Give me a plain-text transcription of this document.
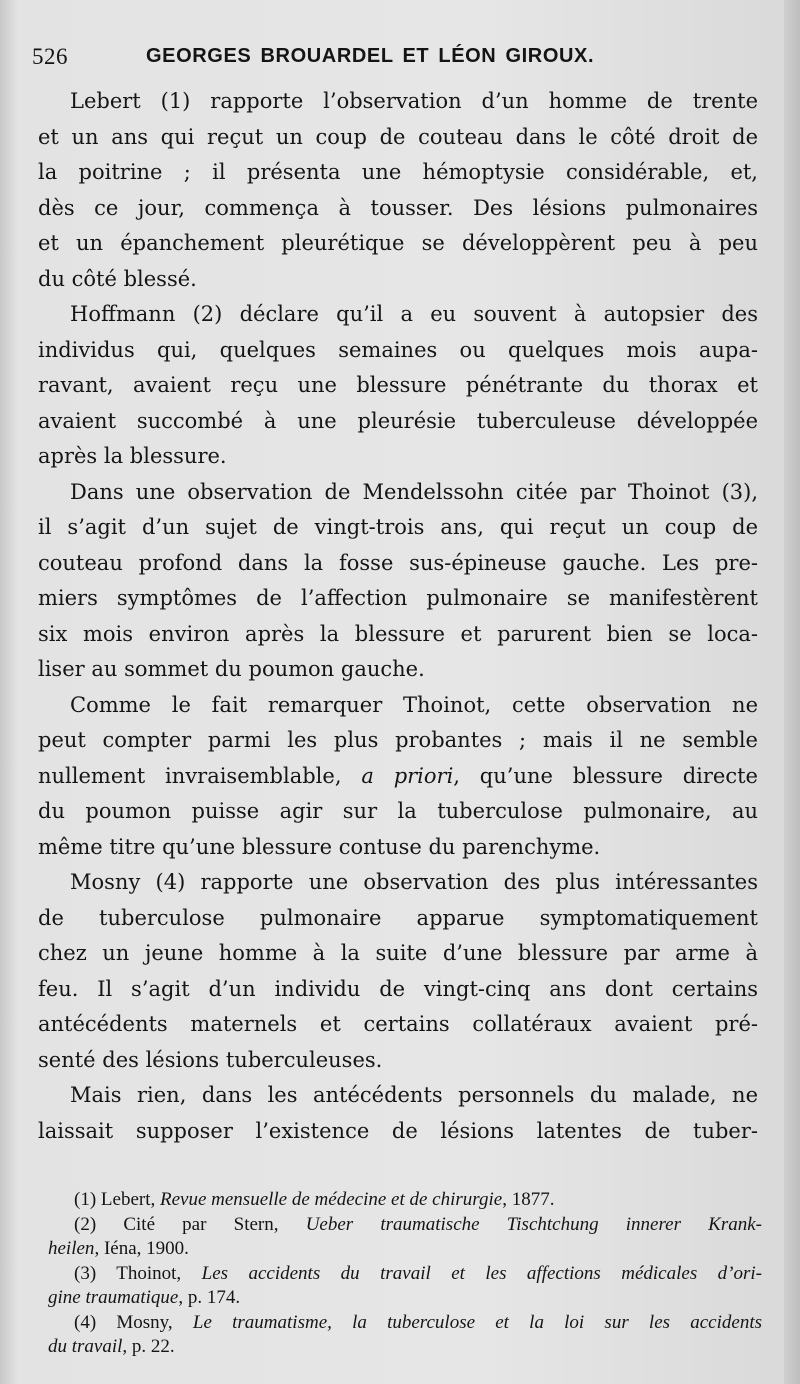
526	GEORGES BROUARDEL ET LÉON GIROUX.
Lebert (1) rapporte l’observation d’un homme de trente
et un ans qui reçut un coup de couteau dans le côté droit de
la poitrine ; il présenta une hémoptysie considérable, et,
dès ce jour, commença à tousser. Des lésions pulmonaires
et un épanchement pleurétique se développèrent peu à peu
du côté blessé.
Hoffmann (2) déclare qu’il a eu souvent à autopsier des
individus qui, quelques semaines ou quelques mois aupa-
ravant, avaient reçu une blessure pénétrante du thorax et
avaient succombé à une pleurésie tuberculeuse développée
après la blessure.
Dans une observation de Mendelssohn citée par Thoinot (3),
il s’agit d’un sujet de vingt-trois ans, qui reçut un coup de
couteau profond dans la fosse sus-épineuse gauche. Les pre-
miers symptômes de l’affection pulmonaire se manifestèrent
six mois environ après la blessure et parurent bien se loca-
liser au sommet du poumon gauche.
Comme le fait remarquer Thoinot, cette observation ne
peut compter parmi les plus probantes ; mais il ne semble
nullement invraisemblable, a priori, qu’une blessure directe
du poumon puisse agir sur la tuberculose pulmonaire, au
même titre qu’une blessure contuse du parenchyme.
Mosny (4) rapporte une observation des plus intéressantes
de tuberculose pulmonaire apparue symptomatiquement
chez un jeune homme à la suite d’une blessure par arme à
feu. Il s’agit d’un individu de vingt-cinq ans dont certains
antécédents maternels et certains collatéraux avaient pré-
senté des lésions tuberculeuses.
Mais rien, dans les antécédents personnels du malade, ne
laissait supposer l’existence de lésions latentes de tuber-
(1) Lebert, Revue mensuelle de médecine et de chirurgie, 1877.
(2) Cité par Stern, Ueber traumatische Tischtchung innerer Krank-
heilen, Iéna, 1900.
(3) Thoinot, Les accidents du travail et les affections médicales d’ori-
gine traumatique, p. 174.
(4) Mosny, Le traumatisme, la tuberculose et la loi sur les accidents
du travail, p. 22.
